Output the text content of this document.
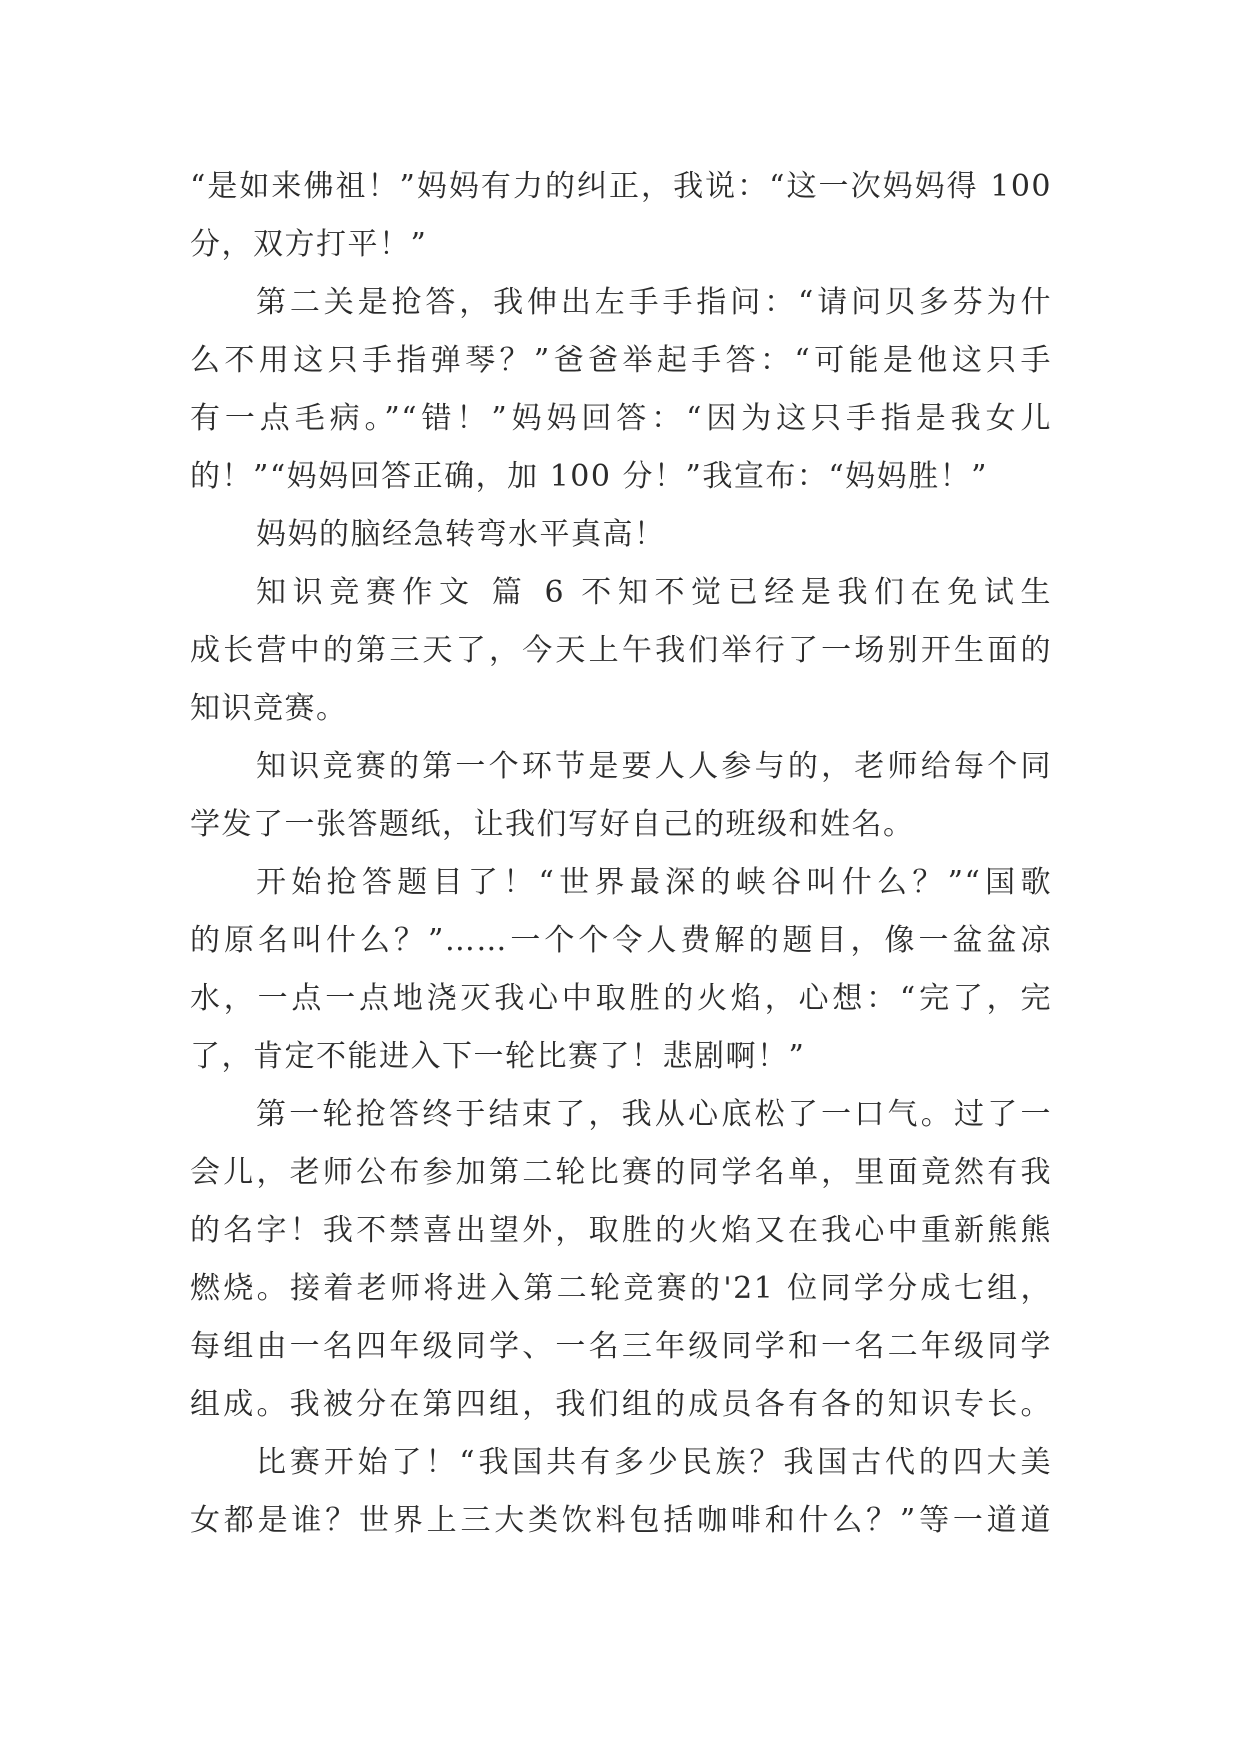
“是如来佛祖！”妈妈有力的纠正，我说：“这一次妈妈得 100
分，双方打平！”
第二关是抢答，我伸出左手手指问：“请问贝多芬为什
么不用这只手指弹琴？”爸爸举起手答：“可能是他这只手
有一点毛病。”“错！”妈妈回答：“因为这只手指是我女儿
的！”“妈妈回答正确，加 100 分！”我宣布：“妈妈胜！”
妈妈的脑经急转弯水平真高！
知识竞赛作文 篇 6 不知不觉已经是我们在免试生
成长营中的第三天了，今天上午我们举行了一场别开生面的
知识竞赛。
知识竞赛的第一个环节是要人人参与的，老师给每个同
学发了一张答题纸，让我们写好自己的班级和姓名。
开始抢答题目了！“世界最深的峡谷叫什么？”“国歌
的原名叫什么？”……一个个令人费解的题目，像一盆盆凉
水，一点一点地浇灭我心中取胜的火焰，心想：“完了，完
了，肯定不能进入下一轮比赛了！悲剧啊！”
第一轮抢答终于结束了，我从心底松了一口气。过了一
会儿，老师公布参加第二轮比赛的同学名单，里面竟然有我
的名字！我不禁喜出望外，取胜的火焰又在我心中重新熊熊
燃烧。接着老师将进入第二轮竞赛的'21 位同学分成七组，
每组由一名四年级同学、一名三年级同学和一名二年级同学
组成。我被分在第四组，我们组的成员各有各的知识专长。
比赛开始了！“我国共有多少民族？我国古代的四大美
女都是谁？世界上三大类饮料包括咖啡和什么？”等一道道
